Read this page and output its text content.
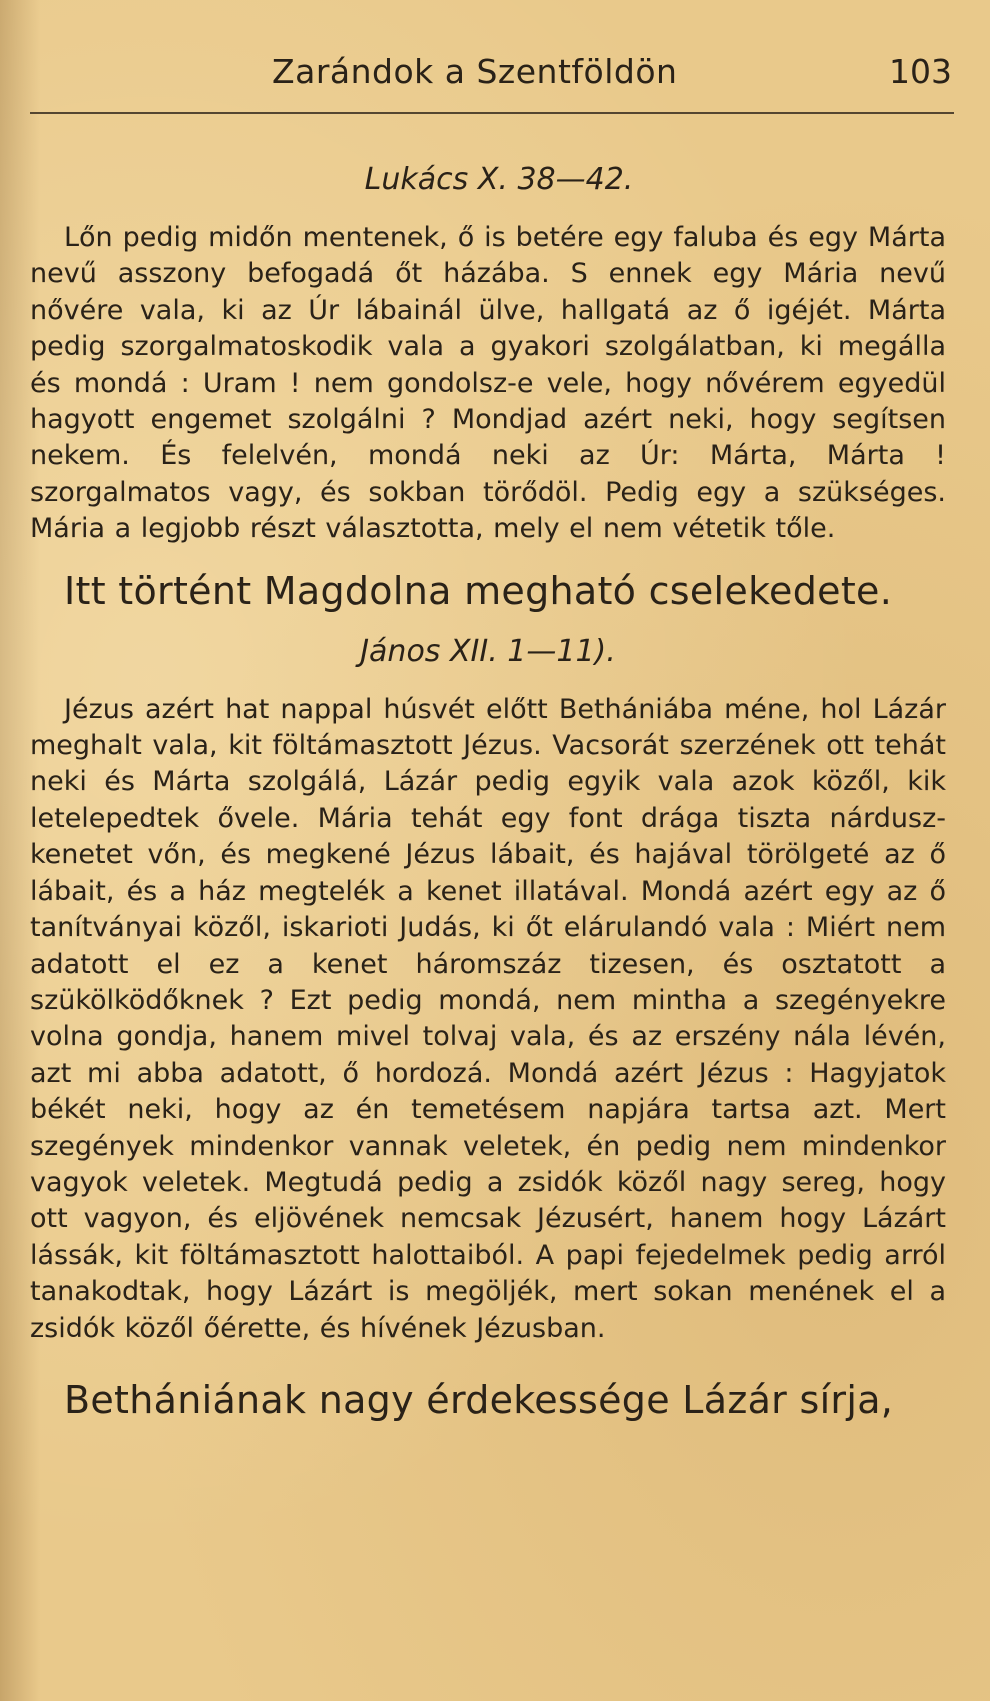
Zarándok a Szentföldön	103
Lukács X. 38—42.

Lőn pedig midőn mentenek, ő is betére egy faluba és egy Márta nevű asszony befogadá őt házába. S ennek egy Mária nevű nővére vala, ki az Úr lábainál ülve, hallgatá az ő igéjét. Márta pedig szorgalmatoskodik vala a gyakori szolgálatban, ki megálla és mondá : Uram ! nem gondolsz-e vele, hogy nővérem egyedül hagyott engemet szolgálni ? Mondjad azért neki, hogy segítsen nekem. És felelvén, mondá neki az Úr: Márta, Márta ! szorgalmatos vagy, és sokban törődöl. Pedig egy a szükséges. Mária a legjobb részt választotta, mely el nem vétetik tőle.

Itt történt Magdolna megható cselekedete.
János XII. 1—11).

Jézus azért hat nappal húsvét előtt Bethániába méne, hol Lázár meghalt vala, kit föltámasztott Jézus. Vacsorát szerzének ott tehát neki és Márta szolgálá, Lázár pedig egyik vala azok közől, kik letelepedtek ővele. Mária tehát egy font drága tiszta nárdusz-kenetet vőn, és megkené Jézus lábait, és hajával törölgeté az ő lábait, és a ház megtelék a kenet illatával. Mondá azért egy az ő tanítványai közől, iskarioti Judás, ki őt elárulandó vala : Miért nem adatott el ez a kenet háromszáz tizesen, és osztatott a szükölködőknek ? Ezt pedig mondá, nem mintha a szegényekre volna gondja, hanem mivel tolvaj vala, és az erszény nála lévén, azt mi abba adatott, ő hordozá. Mondá azért Jézus : Hagyjatok békét neki, hogy az én temetésem napjára tartsa azt. Mert szegények mindenkor vannak veletek, én pedig nem mindenkor vagyok veletek. Megtudá pedig a zsidók közől nagy sereg, hogy ott vagyon, és eljövének nemcsak Jézusért, hanem hogy Lázárt lássák, kit föltámasztott halottaiból. A papi fejedelmek pedig arról tanakodtak, hogy Lázárt is megöljék, mert sokan menének el a zsidók közől őérette, és hívének Jézusban.

Bethániának nagy érdekessége Lázár sírja,
